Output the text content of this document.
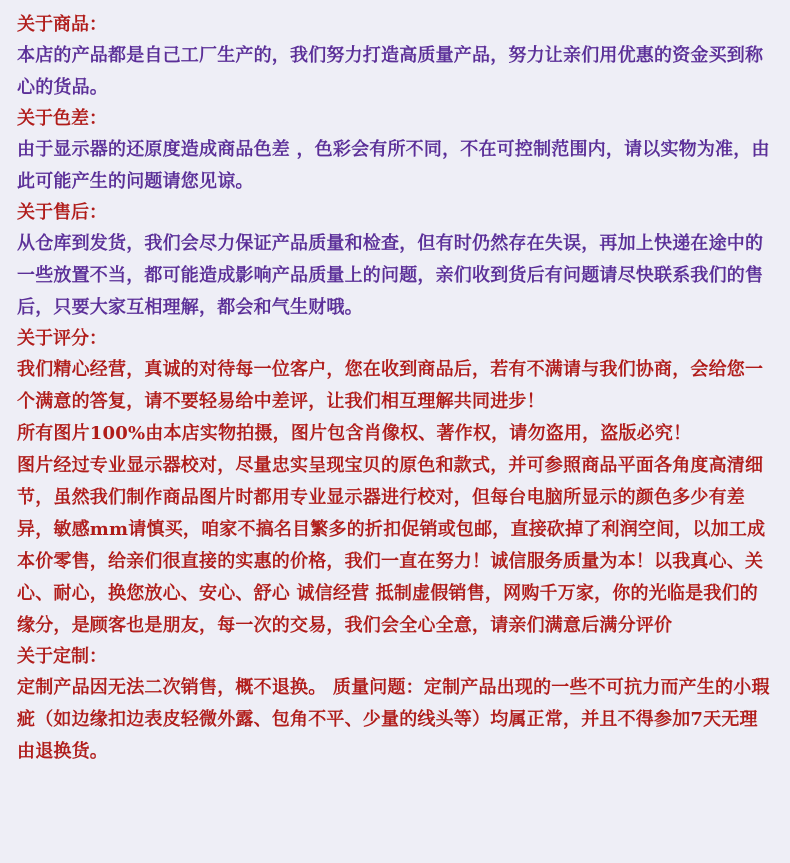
关于商品：

本店的产品都是自己工厂生产的，我们努力打造高质量产品，努力让亲们用优惠的资金买到称心的货品。

关于色差：

由于显示器的还原度造成商品色差 ，色彩会有所不同，不在可控制范围内，请以实物为准，由此可能产生的问题请您见谅。

关于售后：

从仓库到发货，我们会尽力保证产品质量和检查，但有时仍然存在失误，再加上快递在途中的一些放置不当，都可能造成影响产品质量上的问题，亲们收到货后有问题请尽快联系我们的售后，只要大家互相理解，都会和气生财哦。

关于评分：

我们精心经营，真诚的对待每一位客户，您在收到商品后，若有不满请与我们协商，会给您一个满意的答复，请不要轻易给中差评，让我们相互理解共同进步！

所有图片100%由本店实物拍摄，图片包含肖像权、著作权，请勿盗用，盗版必究！

图片经过专业显示器校对，尽量忠实呈现宝贝的原色和款式，并可参照商品平面各角度高清细节，虽然我们制作商品图片时都用专业显示器进行校对，但每台电脑所显示的颜色多少有差异，敏感mm请慎买，咱家不搞名目繁多的折扣促销或包邮，直接砍掉了利润空间，以加工成本价零售，给亲们很直接的实惠的价格，我们一直在努力！诚信服务质量为本！以我真心、关心、耐心，换您放心、安心、舒心 诚信经营 抵制虚假销售，网购千万家，你的光临是我们的缘分，是顾客也是朋友，每一次的交易，我们会全心全意，请亲们满意后满分评价

关于定制：

定制产品因无法二次销售，概不退换。 质量问题：定制产品出现的一些不可抗力而产生的小瑕疵（如边缘扣边表皮轻微外露、包角不平、少量的线头等）均属正常，并且不得参加7天无理由退换货。
